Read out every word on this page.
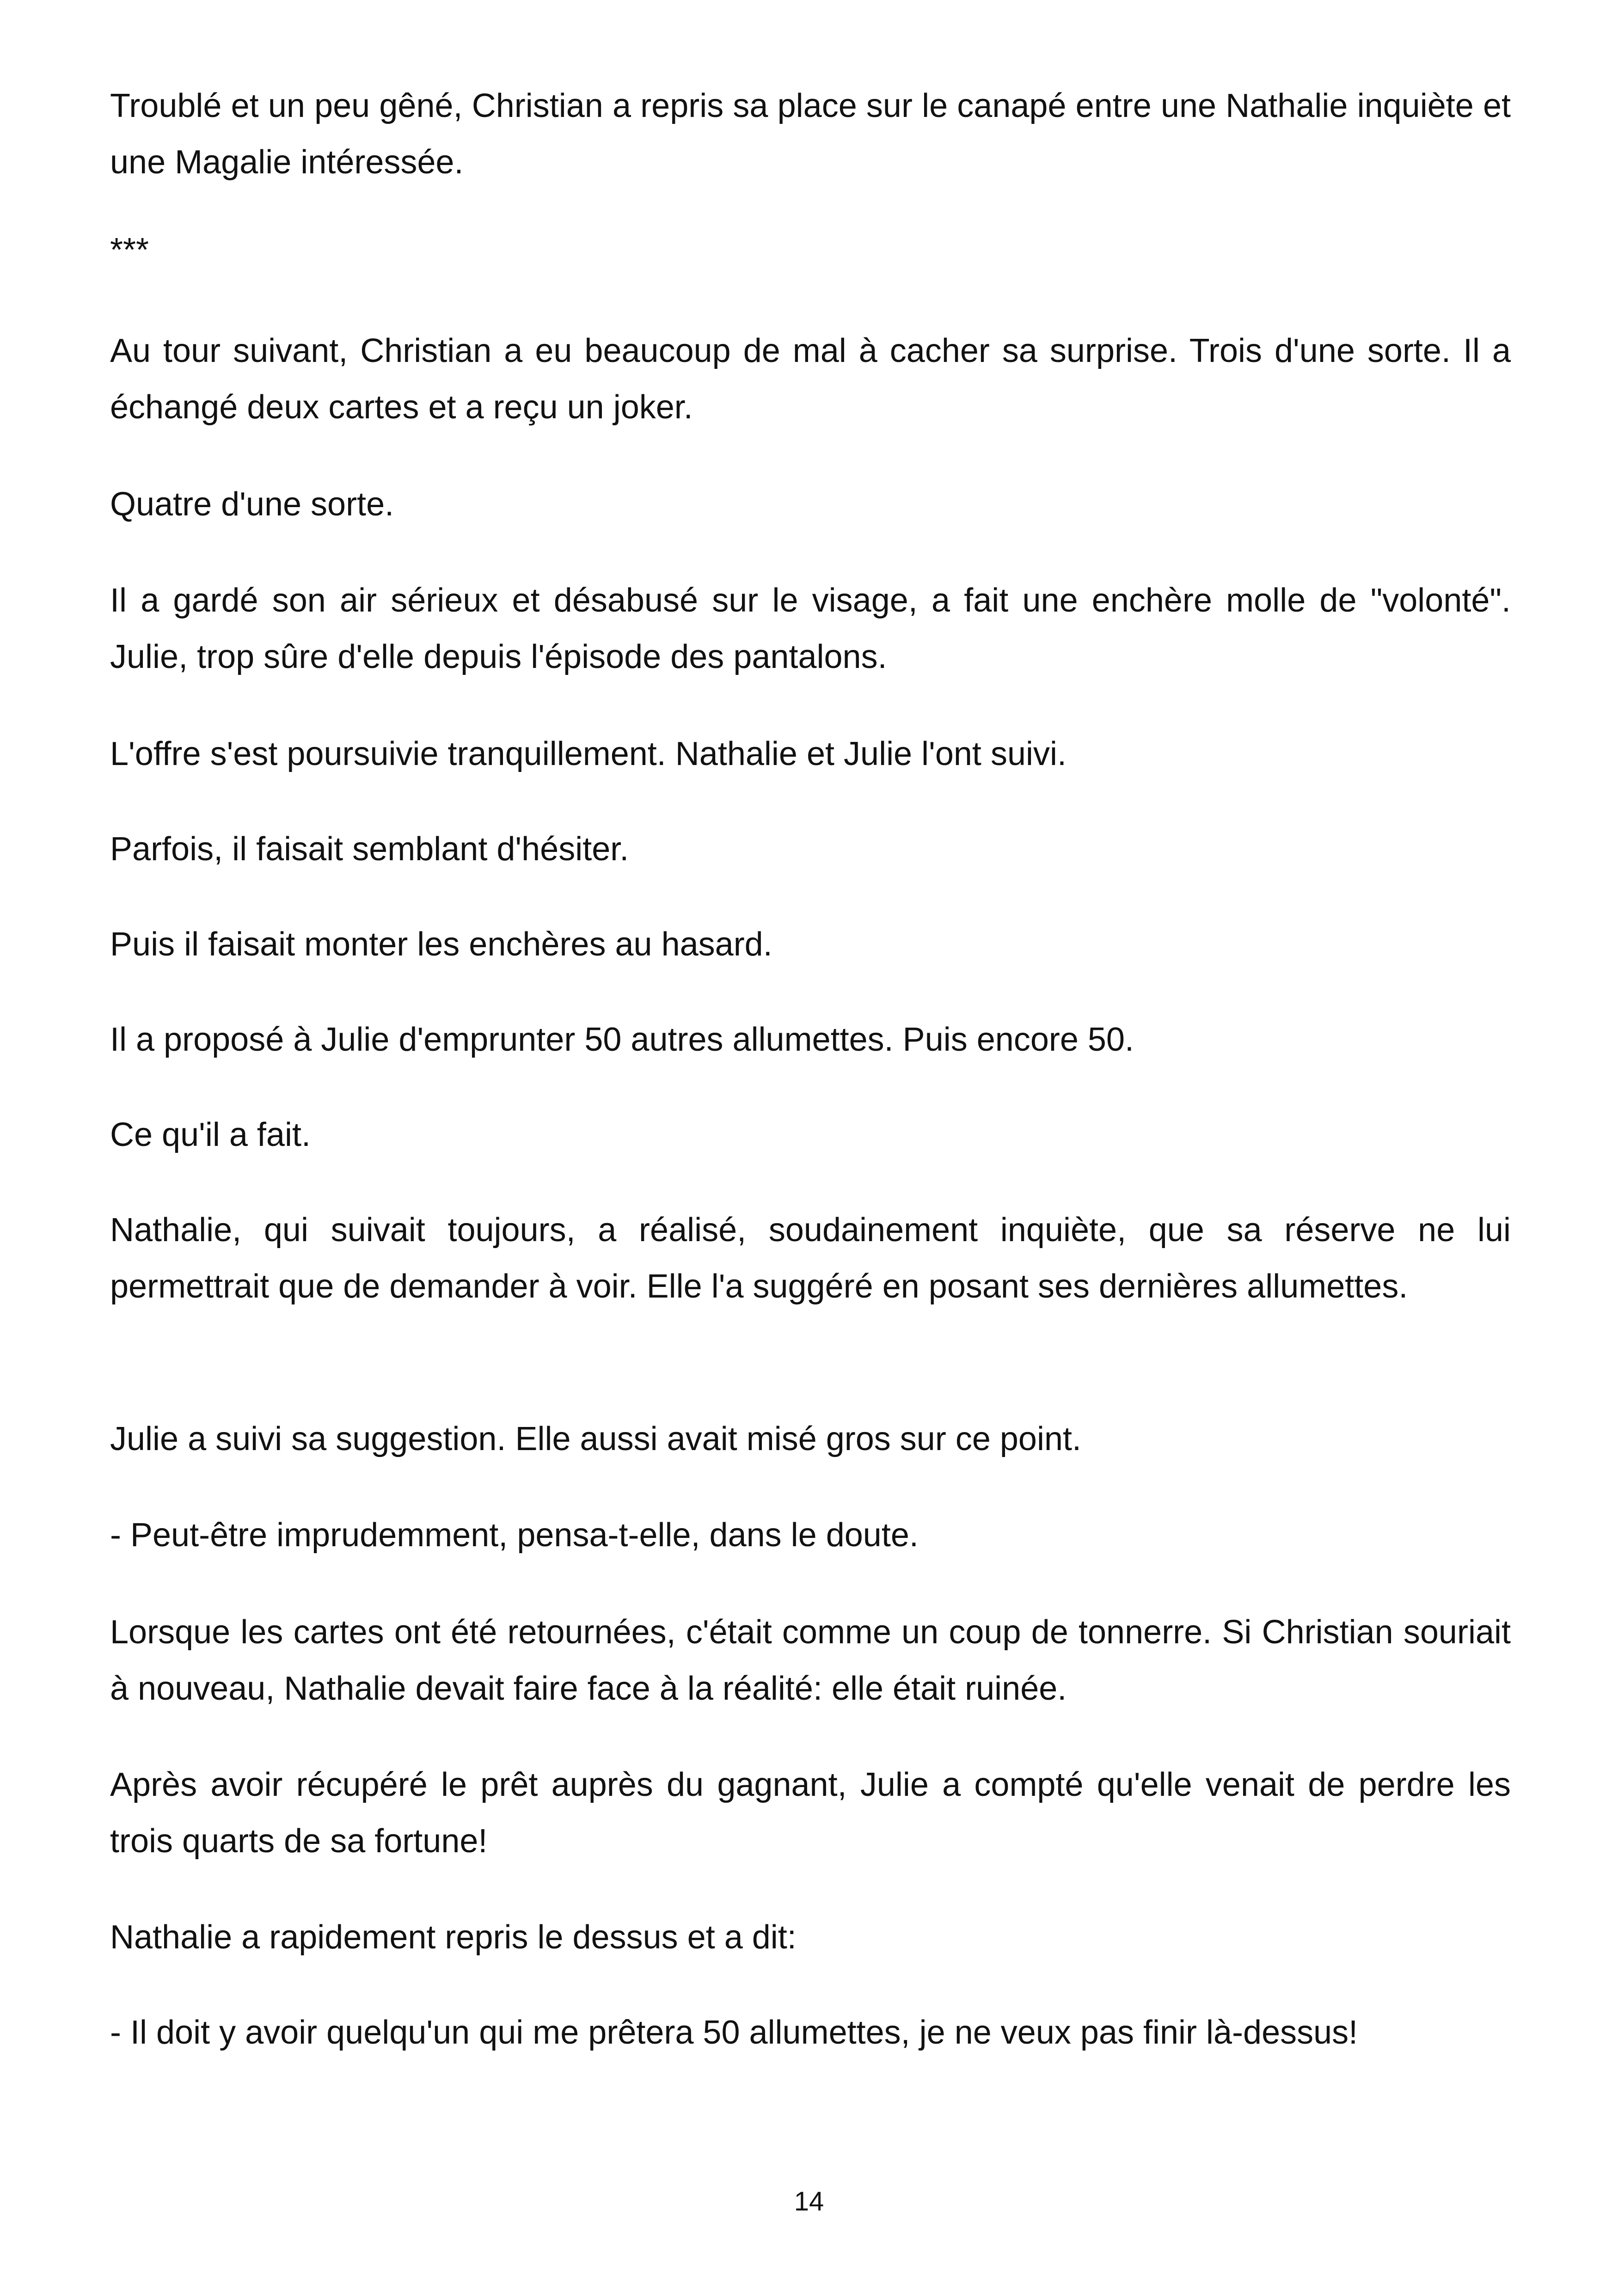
Troublé et un peu gêné, Christian a repris sa place sur le canapé entre une Nathalie inquiète et une Magalie intéressée.

***

Au tour suivant, Christian a eu beaucoup de mal à cacher sa surprise. Trois d'une sorte. Il a échangé deux cartes et a reçu un joker.

Quatre d'une sorte.

Il a gardé son air sérieux et désabusé sur le visage, a fait une enchère molle de "volonté". Julie, trop sûre d'elle depuis l'épisode des pantalons.

L'offre s'est poursuivie tranquillement. Nathalie et Julie l'ont suivi.

Parfois, il faisait semblant d'hésiter.

Puis il faisait monter les enchères au hasard.

Il a proposé à Julie d'emprunter 50 autres allumettes. Puis encore 50.

Ce qu'il a fait.

Nathalie, qui suivait toujours, a réalisé, soudainement inquiète, que sa réserve ne lui permettrait que de demander à voir. Elle l'a suggéré en posant ses dernières allumettes.

Julie a suivi sa suggestion. Elle aussi avait misé gros sur ce point.

- Peut-être imprudemment, pensa-t-elle, dans le doute.

Lorsque les cartes ont été retournées, c'était comme un coup de tonnerre. Si Christian souriait à nouveau, Nathalie devait faire face à la réalité: elle était ruinée.

Après avoir récupéré le prêt auprès du gagnant, Julie a compté qu'elle venait de perdre les trois quarts de sa fortune!

Nathalie a rapidement repris le dessus et a dit:

- Il doit y avoir quelqu'un qui me prêtera 50 allumettes, je ne veux pas finir là-dessus!

14
